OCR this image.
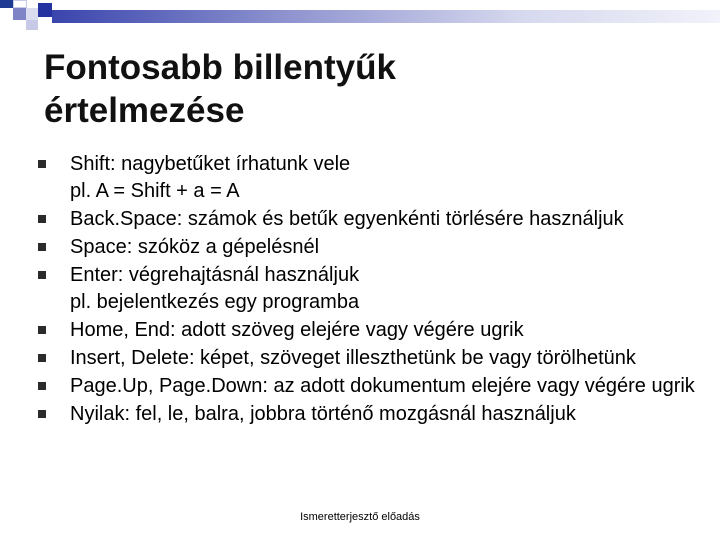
Fontosabb billentyűk
értelmezése
Shift: nagybetűket írhatunk vele
pl. A = Shift + a = A
Back.Space: számok és betűk egyenkénti törlésére használjuk
Space: szóköz a gépelésnél
Enter: végrehajtásnál használjuk
pl. bejelentkezés egy programba
Home, End: adott szöveg elejére vagy végére ugrik
Insert, Delete: képet, szöveget illeszthetünk be vagy törölhetünk
Page.Up, Page.Down: az adott dokumentum elejére vagy végére ugrik
Nyilak: fel, le, balra, jobbra történő mozgásnál használjuk
Ismeretterjesztő előadás
